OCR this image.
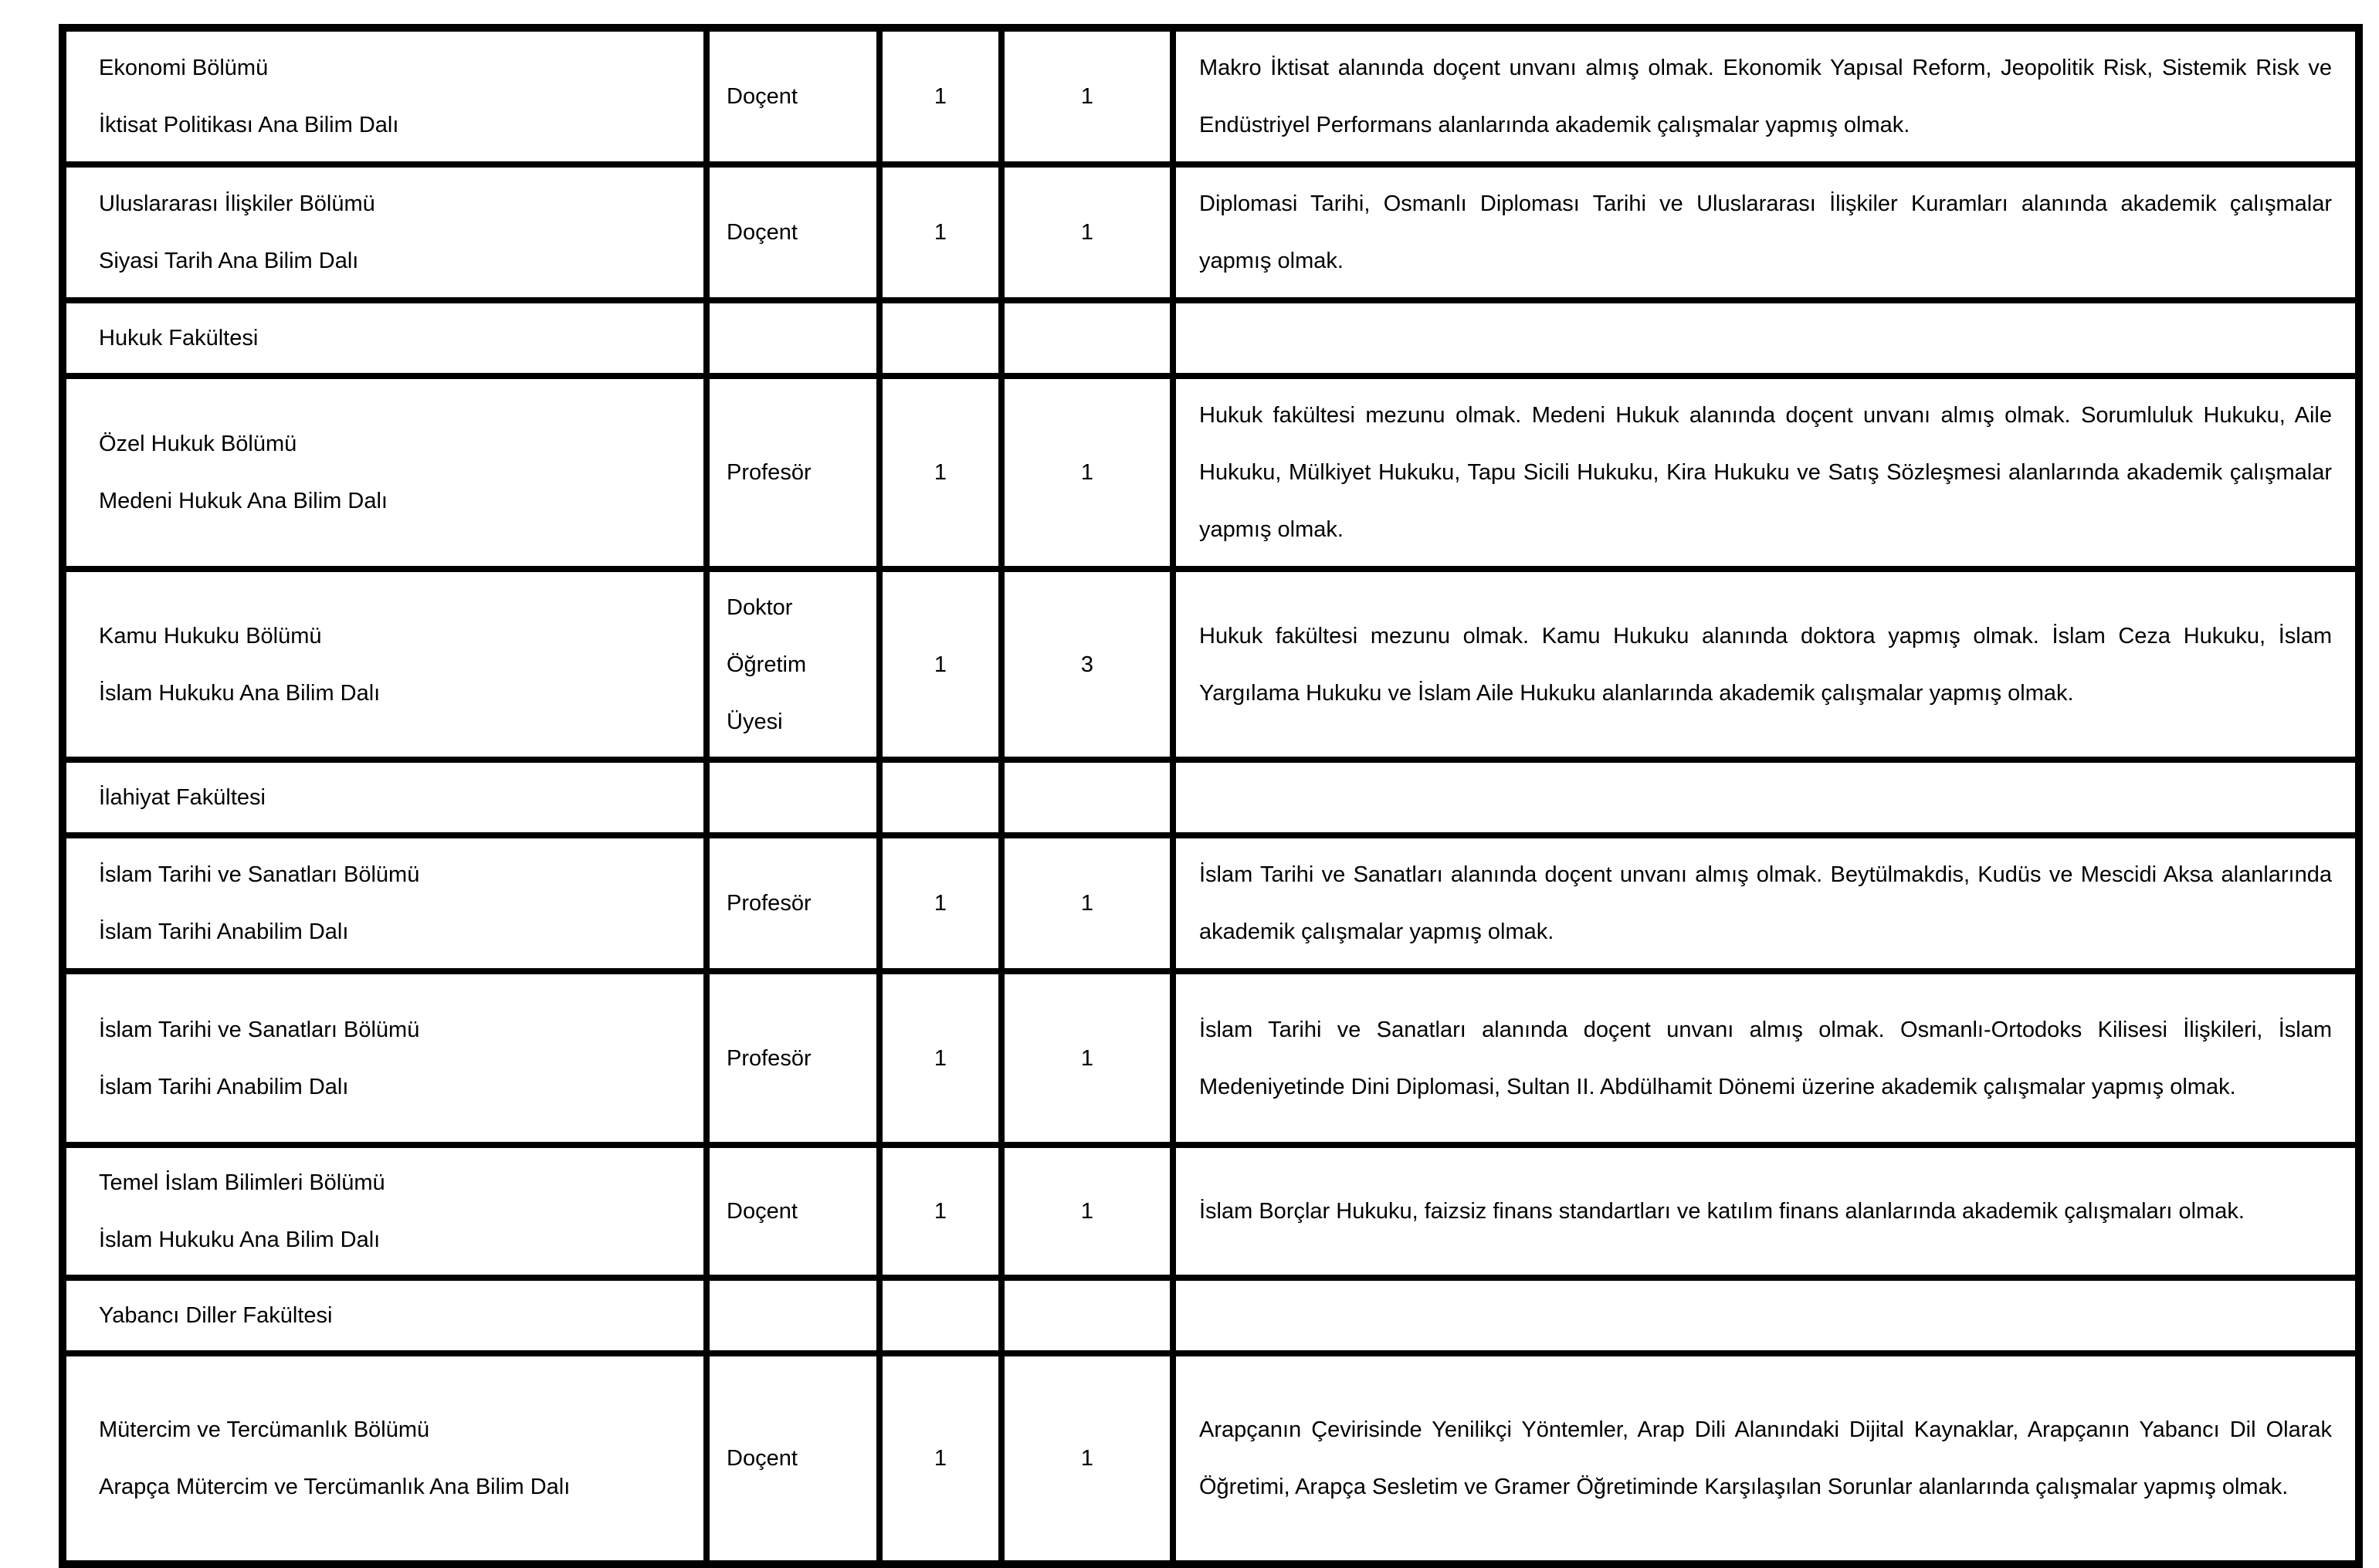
Ekonomi Bölümü
İktisat Politikası Ana Bilim Dalı	Doçent	1	1	Makro İktisat alanında doçent unvanı almış olmak. Ekonomik Yapısal Reform, Jeopolitik Risk, Sistemik Risk ve Endüstriyel Performans alanlarında akademik çalışmalar yapmış olmak.

Uluslararası İlişkiler Bölümü
Siyasi Tarih Ana Bilim Dalı	Doçent	1	1	Diplomasi Tarihi, Osmanlı Diploması Tarihi ve Uluslararası İlişkiler Kuramları alanında akademik çalışmalar yapmış olmak.

Hukuk Fakültesi				

Özel Hukuk Bölümü
Medeni Hukuk Ana Bilim Dalı	Profesör	1	1	Hukuk fakültesi mezunu olmak. Medeni Hukuk alanında doçent unvanı almış olmak. Sorumluluk Hukuku, Aile Hukuku, Mülkiyet Hukuku, Tapu Sicili Hukuku, Kira Hukuku ve Satış Sözleşmesi alanlarında akademik çalışmalar yapmış olmak.

Kamu Hukuku Bölümü
İslam Hukuku Ana Bilim Dalı	Doktor Öğretim Üyesi	1	3	Hukuk fakültesi mezunu olmak. Kamu Hukuku alanında doktora yapmış olmak. İslam Ceza Hukuku, İslam Yargılama Hukuku ve İslam Aile Hukuku alanlarında akademik çalışmalar yapmış olmak.

İlahiyat Fakültesi				

İslam Tarihi ve Sanatları Bölümü
İslam Tarihi Anabilim Dalı	Profesör	1	1	İslam Tarihi ve Sanatları alanında doçent unvanı almış olmak. Beytülmakdis, Kudüs ve Mescidi Aksa alanlarında akademik çalışmalar yapmış olmak.

İslam Tarihi ve Sanatları Bölümü
İslam Tarihi Anabilim Dalı	Profesör	1	1	İslam Tarihi ve Sanatları alanında doçent unvanı almış olmak. Osmanlı-Ortodoks Kilisesi İlişkileri, İslam Medeniyetinde Dini Diplomasi, Sultan II. Abdülhamit Dönemi üzerine akademik çalışmalar yapmış olmak.

Temel İslam Bilimleri Bölümü
İslam Hukuku Ana Bilim Dalı	Doçent	1	1	İslam Borçlar Hukuku, faizsiz finans standartları ve katılım finans alanlarında akademik çalışmaları olmak.

Yabancı Diller Fakültesi				

Mütercim ve Tercümanlık Bölümü
Arapça Mütercim ve Tercümanlık Ana Bilim Dalı	Doçent	1	1	Arapçanın Çevirisinde Yenilikçi Yöntemler, Arap Dili Alanındaki Dijital Kaynaklar, Arapçanın Yabancı Dil Olarak Öğretimi, Arapça Sesletim ve Gramer Öğretiminde Karşılaşılan Sorunlar alanlarında çalışmalar yapmış olmak.
